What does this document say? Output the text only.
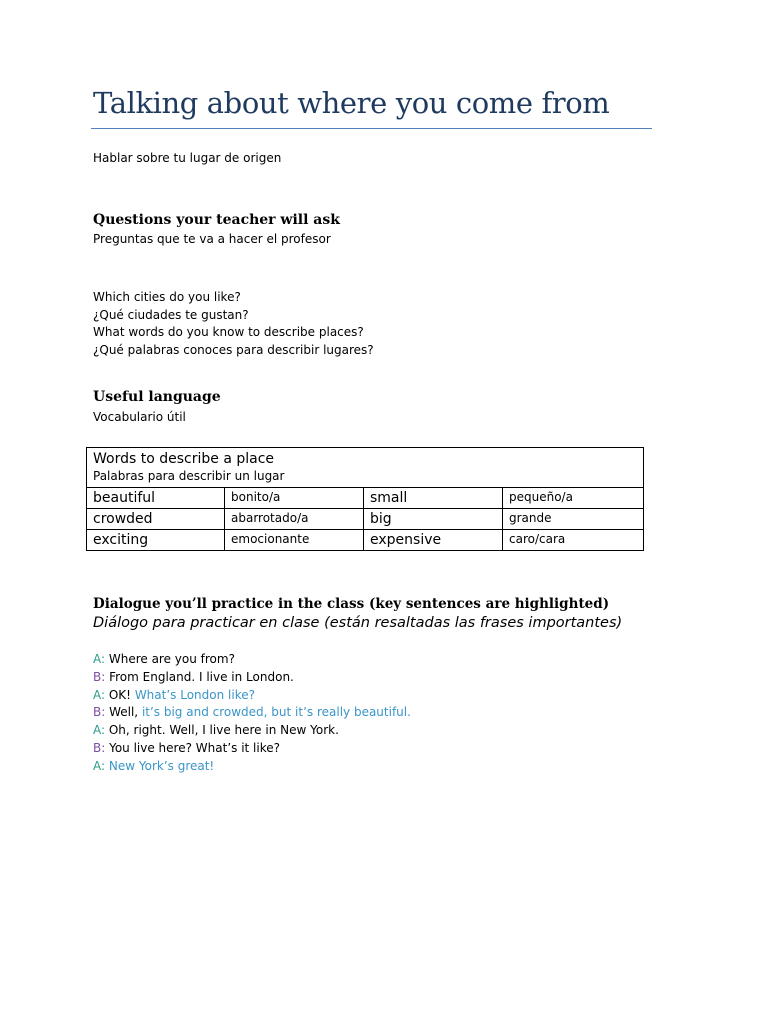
Talking about where you come from
Hablar sobre tu lugar de origen
Questions your teacher will ask
Preguntas que te va a hacer el profesor
Which cities do you like?
¿Qué ciudades te gustan?
What words do you know to describe places?
¿Qué palabras conoces para describir lugares?
Useful language
Vocabulario útil
Words to describe a place
Palabras para describir un lugar			

beautiful	bonito/a	small	pequeño/a
crowded	abarrotado/a	big	grande
exciting	emocionante	expensive	caro/cara
Dialogue you’ll practice in the class (key sentences are highlighted)
Diálogo para practicar en clase (están resaltadas las frases importantes)
A: Where are you from?
B: From England. I live in London.
A: OK! What’s London like?
B: Well, it’s big and crowded, but it’s really beautiful.
A: Oh, right. Well, I live here in New York.
B: You live here? What’s it like?
A: New York’s great!
